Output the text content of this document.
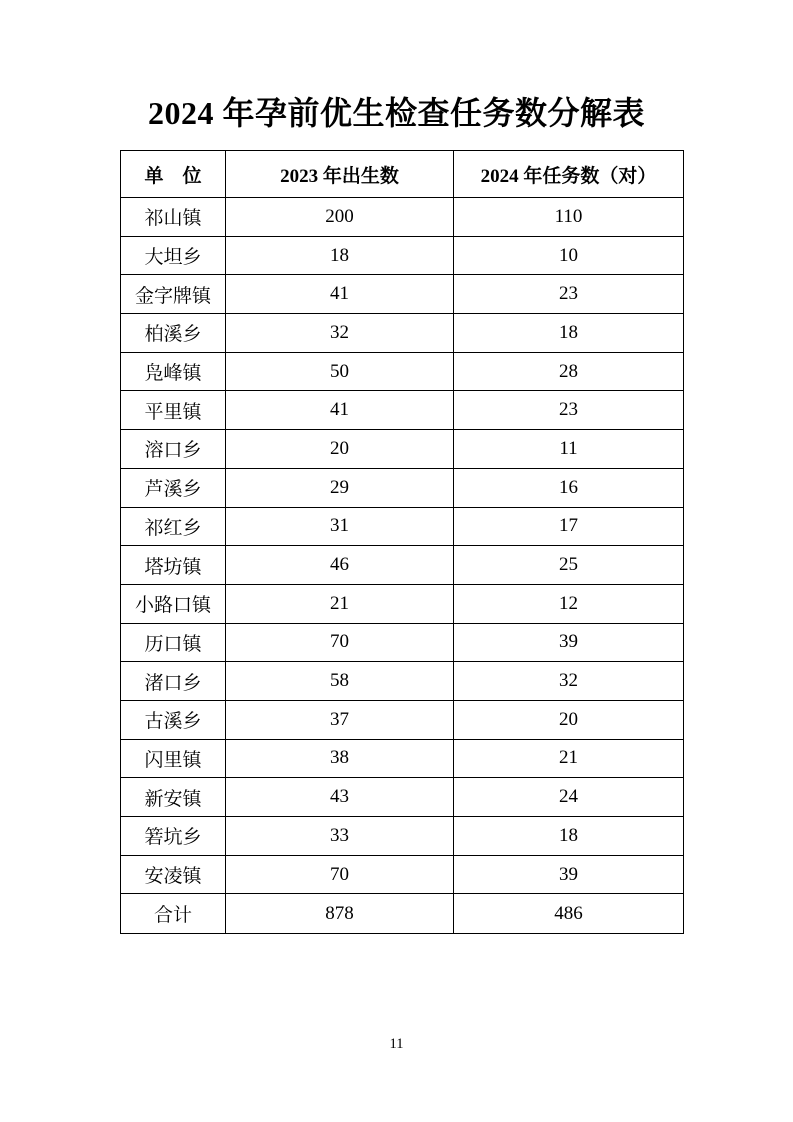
2024 年孕前优生检查任务数分解表
单　位	2023 年出生数	2024 年任务数（对）
祁山镇	200	110
大坦乡	18	10
金字牌镇	41	23
柏溪乡	32	18
凫峰镇	50	28
平里镇	41	23
溶口乡	20	11
芦溪乡	29	16
祁红乡	31	17
塔坊镇	46	25
小路口镇	21	12
历口镇	70	39
渚口乡	58	32
古溪乡	37	20
闪里镇	38	21
新安镇	43	24
箬坑乡	33	18
安凌镇	70	39
合计	878	486
11
